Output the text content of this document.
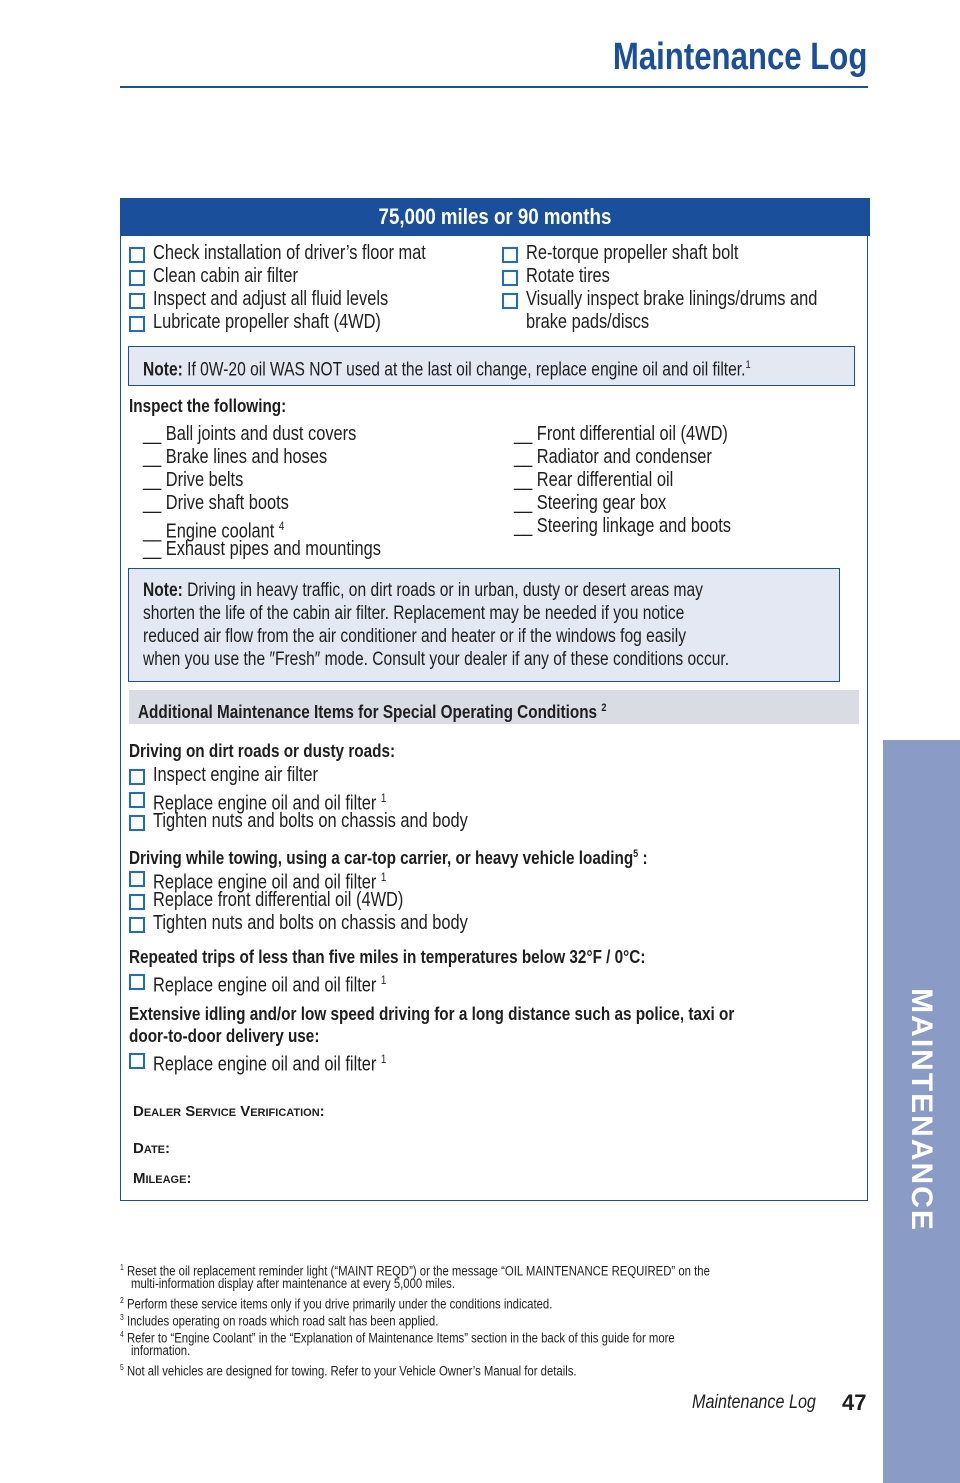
Maintenance Log
MAINTENANCE
75,000 miles or 90 months
Check installation of driver’s floor mat
Clean cabin air filter
Inspect and adjust all fluid levels
Lubricate propeller shaft (4WD)
Re-torque propeller shaft bolt
Rotate tires
Visually inspect brake linings/drums and
brake pads/discs
Note: If 0W-20 oil WAS NOT used at the last oil change, replace engine oil and oil filter.$^1$
Inspect the following:
__ Ball joints and dust covers
__ Brake lines and hoses
__ Drive belts
__ Drive shaft boots
__ Engine coolant $^4$
__ Exhaust pipes and mountings
__ Front differential oil (4WD)
__ Radiator and condenser
__ Rear differential oil
__ Steering gear box
__ Steering linkage and boots
Note: Driving in heavy traffic, on dirt roads or in urban, dusty or desert areas may
shorten the life of the cabin air filter. Replacement may be needed if you notice
reduced air flow from the air conditioner and heater or if the windows fog easily
when you use the ″Fresh″ mode. Consult your dealer if any of these conditions occur.
Additional Maintenance Items for Special Operating Conditions $^2$
Driving on dirt roads or dusty roads:
Inspect engine air filter
Replace engine oil and oil filter $^1$
Tighten nuts and bolts on chassis and body
Driving while towing, using a car-top carrier, or heavy vehicle loading$^5$ :
Replace engine oil and oil filter $^1$
Replace front differential oil (4WD)
Tighten nuts and bolts on chassis and body
Repeated trips of less than five miles in temperatures below 32°F / 0°C:
Replace engine oil and oil filter $^1$
Extensive idling and/or low speed driving for a long distance such as police, taxi or
door-to-door delivery use:
Replace engine oil and oil filter $^1$
Dealer Service Verification:
Date:
Mileage:
$^1$ Reset the oil replacement reminder light (“MAINT REQD”) or the message “OIL MAINTENANCE REQUIRED” on the
multi-information display after maintenance at every 5,000 miles.
$^2$ Perform these service items only if you drive primarily under the conditions indicated.
$^3$ Includes operating on roads which road salt has been applied.
$^4$ Refer to “Engine Coolant” in the “Explanation of Maintenance Items” section in the back of this guide for more
information.
$^5$ Not all vehicles are designed for towing. Refer to your Vehicle Owner’s Manual for details.
Maintenance Log 47
